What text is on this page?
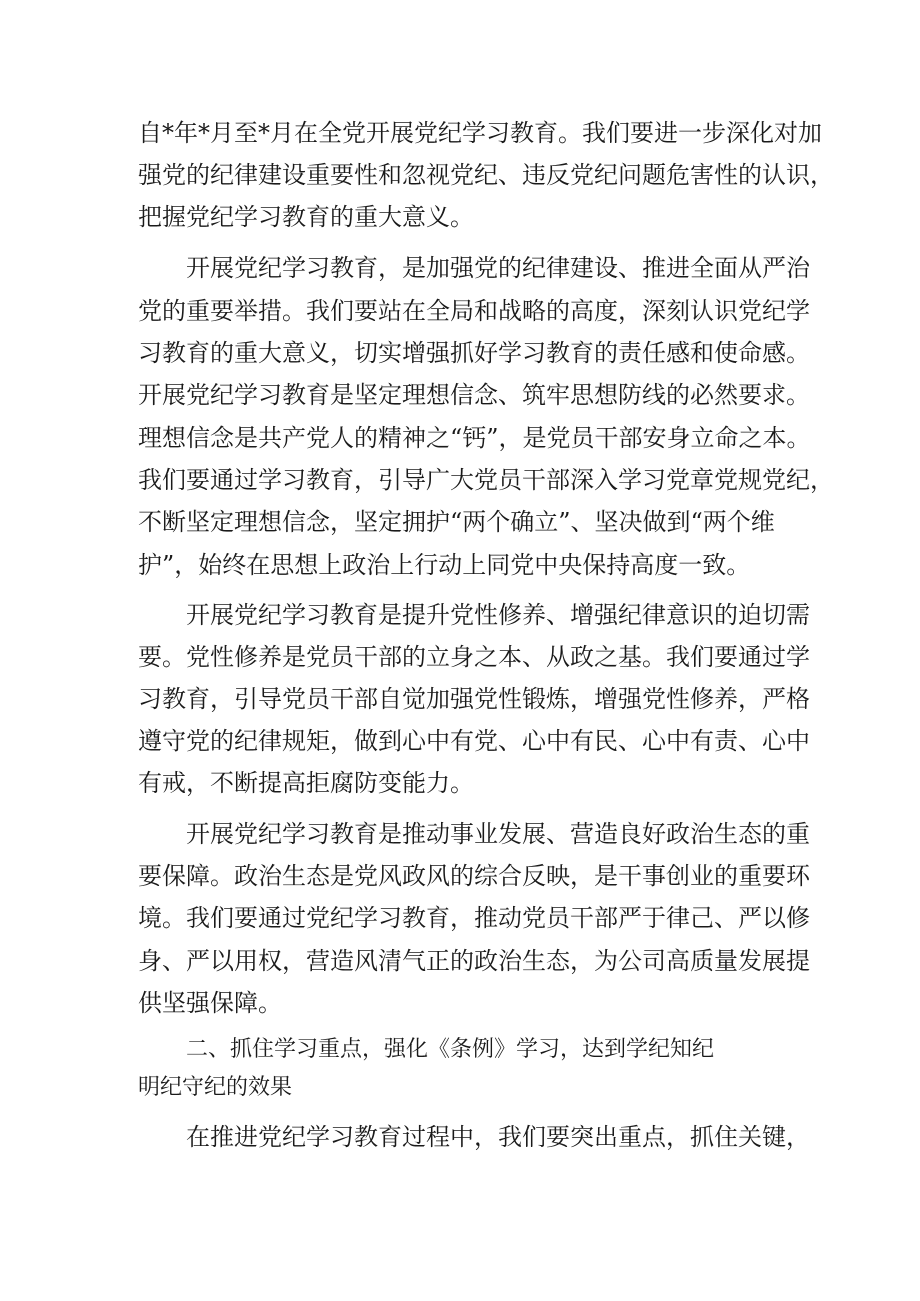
自*年*月至*月在全党开展党纪学习教育。我们要进一步深化对加

强党的纪律建设重要性和忽视党纪、违反党纪问题危害性的认识，

把握党纪学习教育的重大意义。

开展党纪学习教育，是加强党的纪律建设、推进全面从严治

党的重要举措。我们要站在全局和战略的高度，深刻认识党纪学

习教育的重大意义，切实增强抓好学习教育的责任感和使命感。

开展党纪学习教育是坚定理想信念、筑牢思想防线的必然要求。

理想信念是共产党人的精神之“钙”，是党员干部安身立命之本。

我们要通过学习教育，引导广大党员干部深入学习党章党规党纪，

不断坚定理想信念，坚定拥护“两个确立”、坚决做到“两个维

护”，始终在思想上政治上行动上同党中央保持高度一致。

开展党纪学习教育是提升党性修养、增强纪律意识的迫切需

要。党性修养是党员干部的立身之本、从政之基。我们要通过学

习教育，引导党员干部自觉加强党性锻炼，增强党性修养，严格

遵守党的纪律规矩，做到心中有党、心中有民、心中有责、心中

有戒，不断提高拒腐防变能力。

开展党纪学习教育是推动事业发展、营造良好政治生态的重

要保障。政治生态是党风政风的综合反映，是干事创业的重要环

境。我们要通过党纪学习教育，推动党员干部严于律己、严以修

身、严以用权，营造风清气正的政治生态，为公司高质量发展提

供坚强保障。

二、抓住学习重点，强化《条例》学习，达到学纪知纪

明纪守纪的效果

在推进党纪学习教育过程中，我们要突出重点，抓住关键，
